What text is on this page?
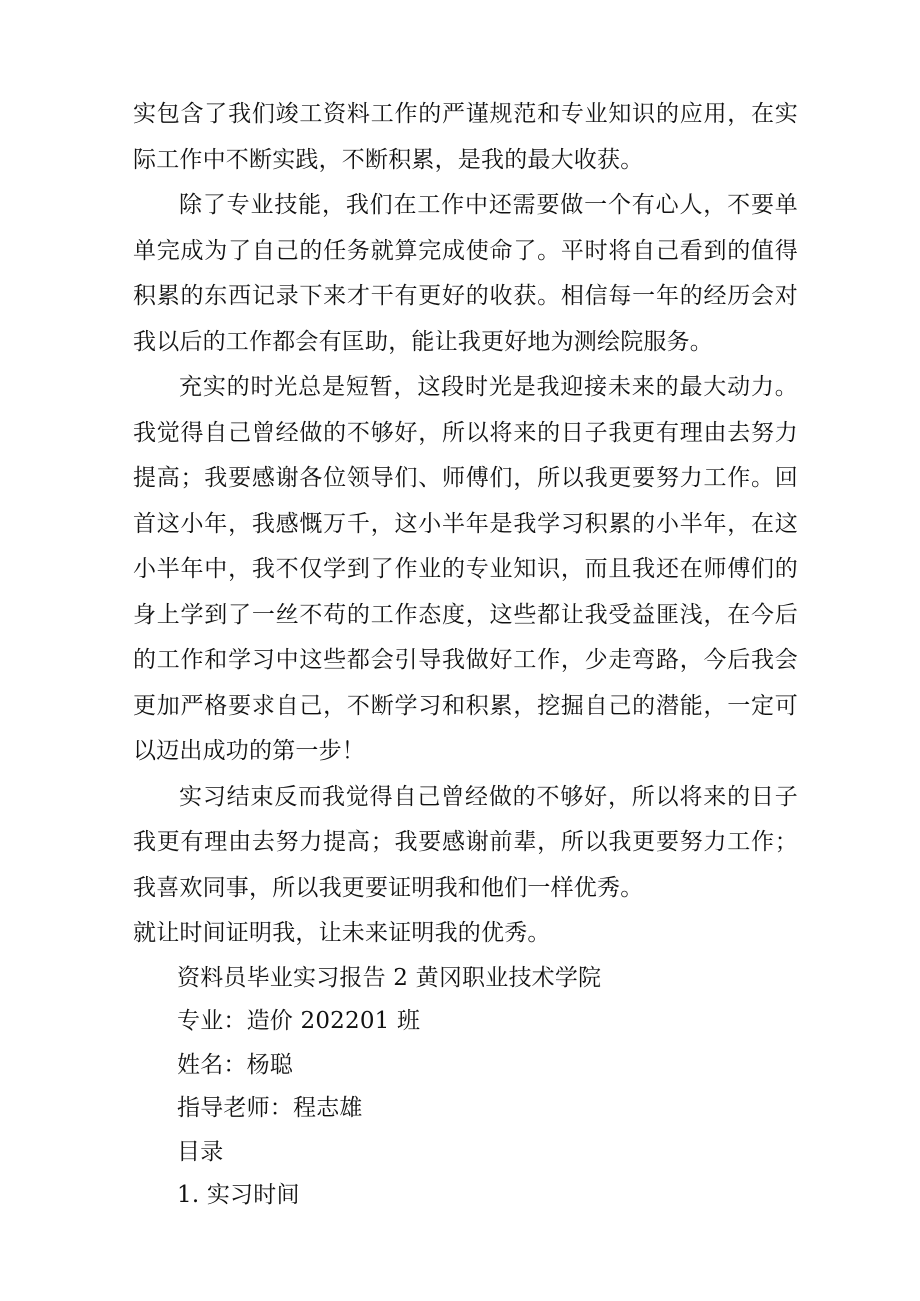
实包含了我们竣工资料工作的严谨规范和专业知识的应用，在实际工作中不断实践，不断积累，是我的最大收获。

除了专业技能，我们在工作中还需要做一个有心人，不要单单完成为了自己的任务就算完成使命了。平时将自己看到的值得积累的东西记录下来才干有更好的收获。相信每一年的经历会对我以后的工作都会有匡助，能让我更好地为测绘院服务。

充实的时光总是短暂，这段时光是我迎接未来的最大动力。我觉得自己曾经做的不够好，所以将来的日子我更有理由去努力提高；我要感谢各位领导们、师傅们，所以我更要努力工作。回首这小年，我感慨万千，这小半年是我学习积累的小半年，在这小半年中，我不仅学到了作业的专业知识，而且我还在师傅们的身上学到了一丝不苟的工作态度，这些都让我受益匪浅，在今后的工作和学习中这些都会引导我做好工作，少走弯路，今后我会更加严格要求自己，不断学习和积累，挖掘自己的潜能，一定可以迈出成功的第一步！

实习结束反而我觉得自己曾经做的不够好，所以将来的日子我更有理由去努力提高；我要感谢前辈，所以我更要努力工作；我喜欢同事，所以我更要证明我和他们一样优秀。

就让时间证明我，让未来证明我的优秀。

资料员毕业实习报告 2 黄冈职业技术学院

专业：造价 202201 班

姓名：杨聪

指导老师：程志雄

目录

1. 实习时间
